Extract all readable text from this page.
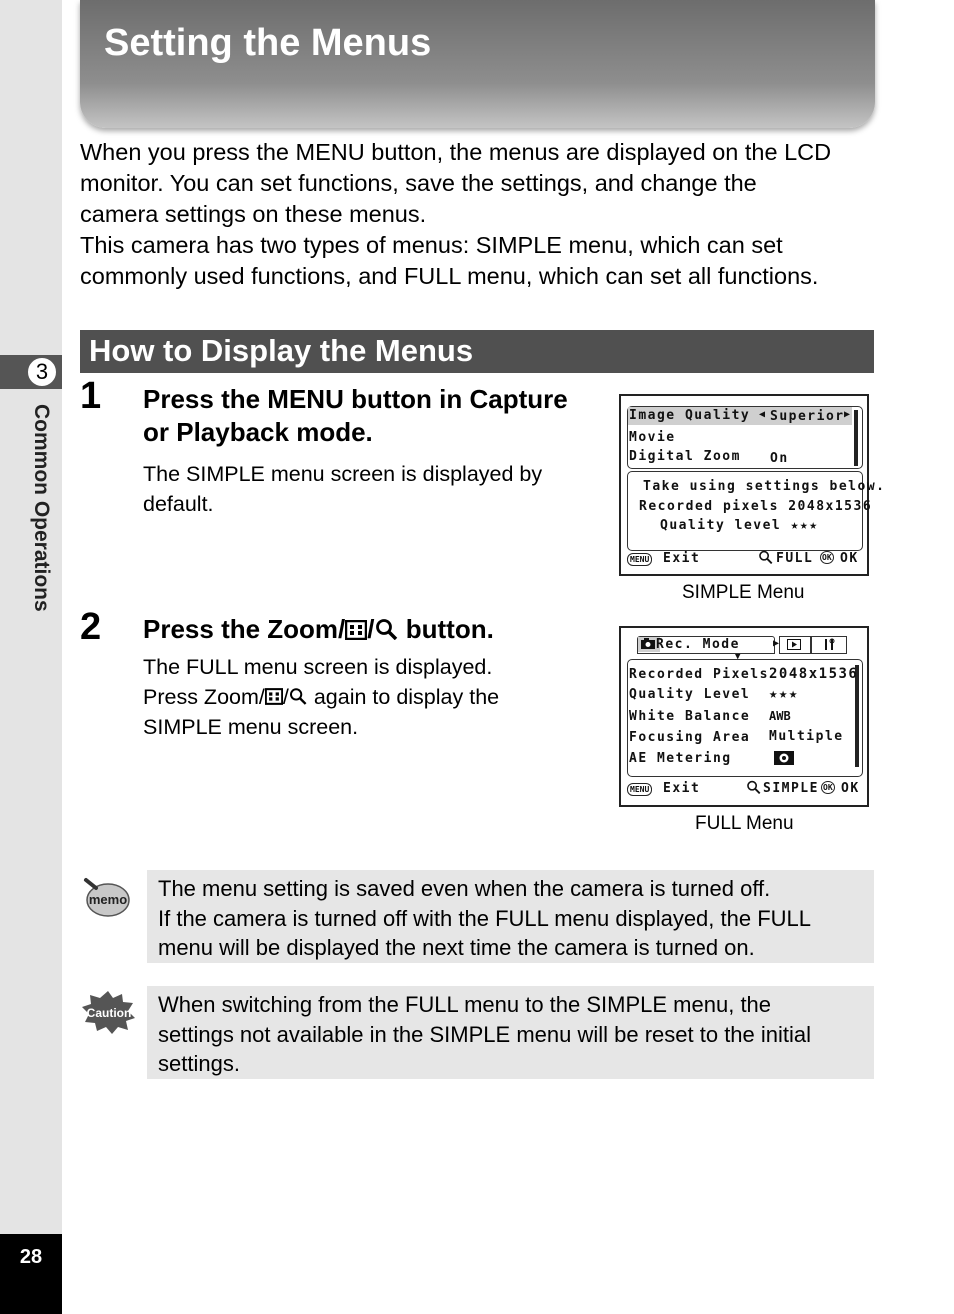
3
Common Operations
28
Setting the Menus
When you press the MENU button, the menus are displayed on the LCD
monitor. You can set functions, save the settings, and change the
camera settings on these menus.
This camera has two types of menus: SIMPLE menu, which can set
commonly used functions, and FULL menu, which can set all functions.
How to Display the Menus
1 Press the MENU button in Capture
or Playback mode.
The SIMPLE menu screen is displayed by
default.
2 Press the Zoom/ / button.
The FULL menu screen is displayed.
Press Zoom/ / again to display the
SIMPLE menu screen.
Image Quality ◀ Superior ▶
Movie
Digital Zoom On
Take using settings below.
Recorded pixels 2048x1536
Quality level ★★★
MENU Exit	FULL OK OK
SIMPLE Menu
Rec. Mode	▶
▼
Recorded Pixels 2048x1536
Quality Level ★★★
White Balance AWB
Focusing Area Multiple
AE Metering
MENU Exit	SIMPLE OK OK
FULL Menu
memo The menu setting is saved even when the camera is turned off.
If the camera is turned off with the FULL menu displayed, the FULL
menu will be displayed the next time the camera is turned on.
Caution When switching from the FULL menu to the SIMPLE menu, the
settings not available in the SIMPLE menu will be reset to the initial
settings.
